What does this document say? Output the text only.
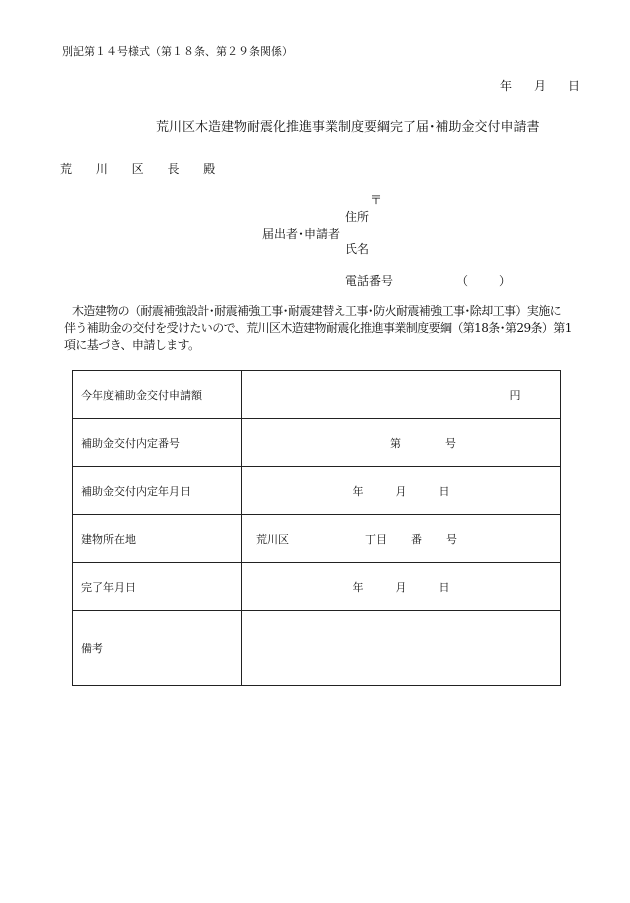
別記第１４号様式（第１８条、第２９条関係）
年 月 日
荒川区木造建物耐震化推進事業制度要綱完了届･補助金交付申請書
荒 川 区 長 殿
〒
住所
届出者･申請者
氏名
電話番号	（	）
木造建物の（耐震補強設計･耐震補強工事･耐震建替え工事･防火耐震補強工事･除却工事）実施に伴う補助金の交付を受けたいので、荒川区木造建物耐震化推進事業制度要綱（第18条･第29条）第1項に基づき、申請します。
今年度補助金交付申請額	円

補助金交付内定番号	第 号

補助金交付内定年月日	年 月 日

建物所在地	荒川区 丁目 番 号

完了年月日	年 月 日

備考	
